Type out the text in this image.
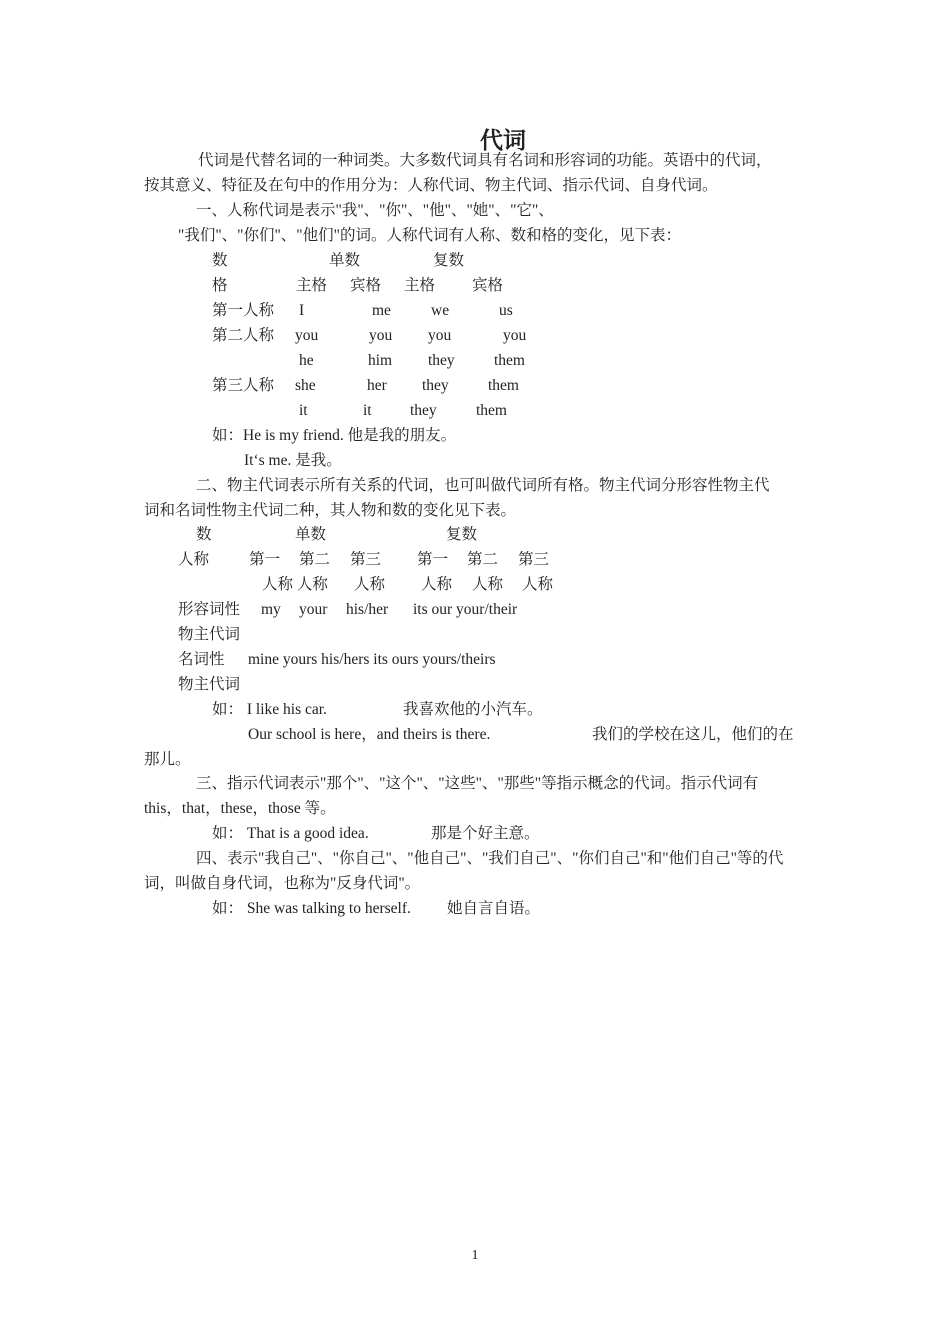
代词
代词是代替名词的一种词类。大多数代词具有名词和形容词的功能。英语中的代词，
按其意义、特征及在句中的作用分为：人称代词、物主代词、指示代词、自身代词。
一、人称代词是表示"我"、"你"、"他"、"她"、"它"、
"我们"、"你们"、"他们"的词。人称代词有人称、数和格的变化，见下表：
数	单数	复数
格	主格 宾格 主格 宾格
第一人称 I	me	we	us
第二人称 you	you you	you
he	him they	them
第三人称 she	her they	them
it	it they	them
如：He is my friend. 他是我的朋友。
It‘s me. 是我。
二、物主代词表示所有关系的代词，也可叫做代词所有格。物主代词分形容性物主代
词和名词性物主代词二种，其人物和数的变化见下表。
数	单数	复数
人称	第一 第二 第三 第一 第二 第三
人称 人称 人称 人称 人称 人称
形容词性 my your his/her its our your/their
物主代词
名词性 mine yours his/hers its ours yours/theirs
物主代词
如： I like his car.	我喜欢他的小汽车。
Our school is here，and theirs is there.	我们的学校在这儿，他们的在
那儿。
三、指示代词表示"那个"、"这个"、"这些"、"那些"等指示概念的代词。指示代词有
this，that，these，those 等。
如： That is a good idea.	那是个好主意。
四、表示"我自己"、"你自己"、"他自己"、"我们自己"、"你们自己"和"他们自己"等的代
词，叫做自身代词，也称为"反身代词"。
如： She was talking to herself. 她自言自语。
1
